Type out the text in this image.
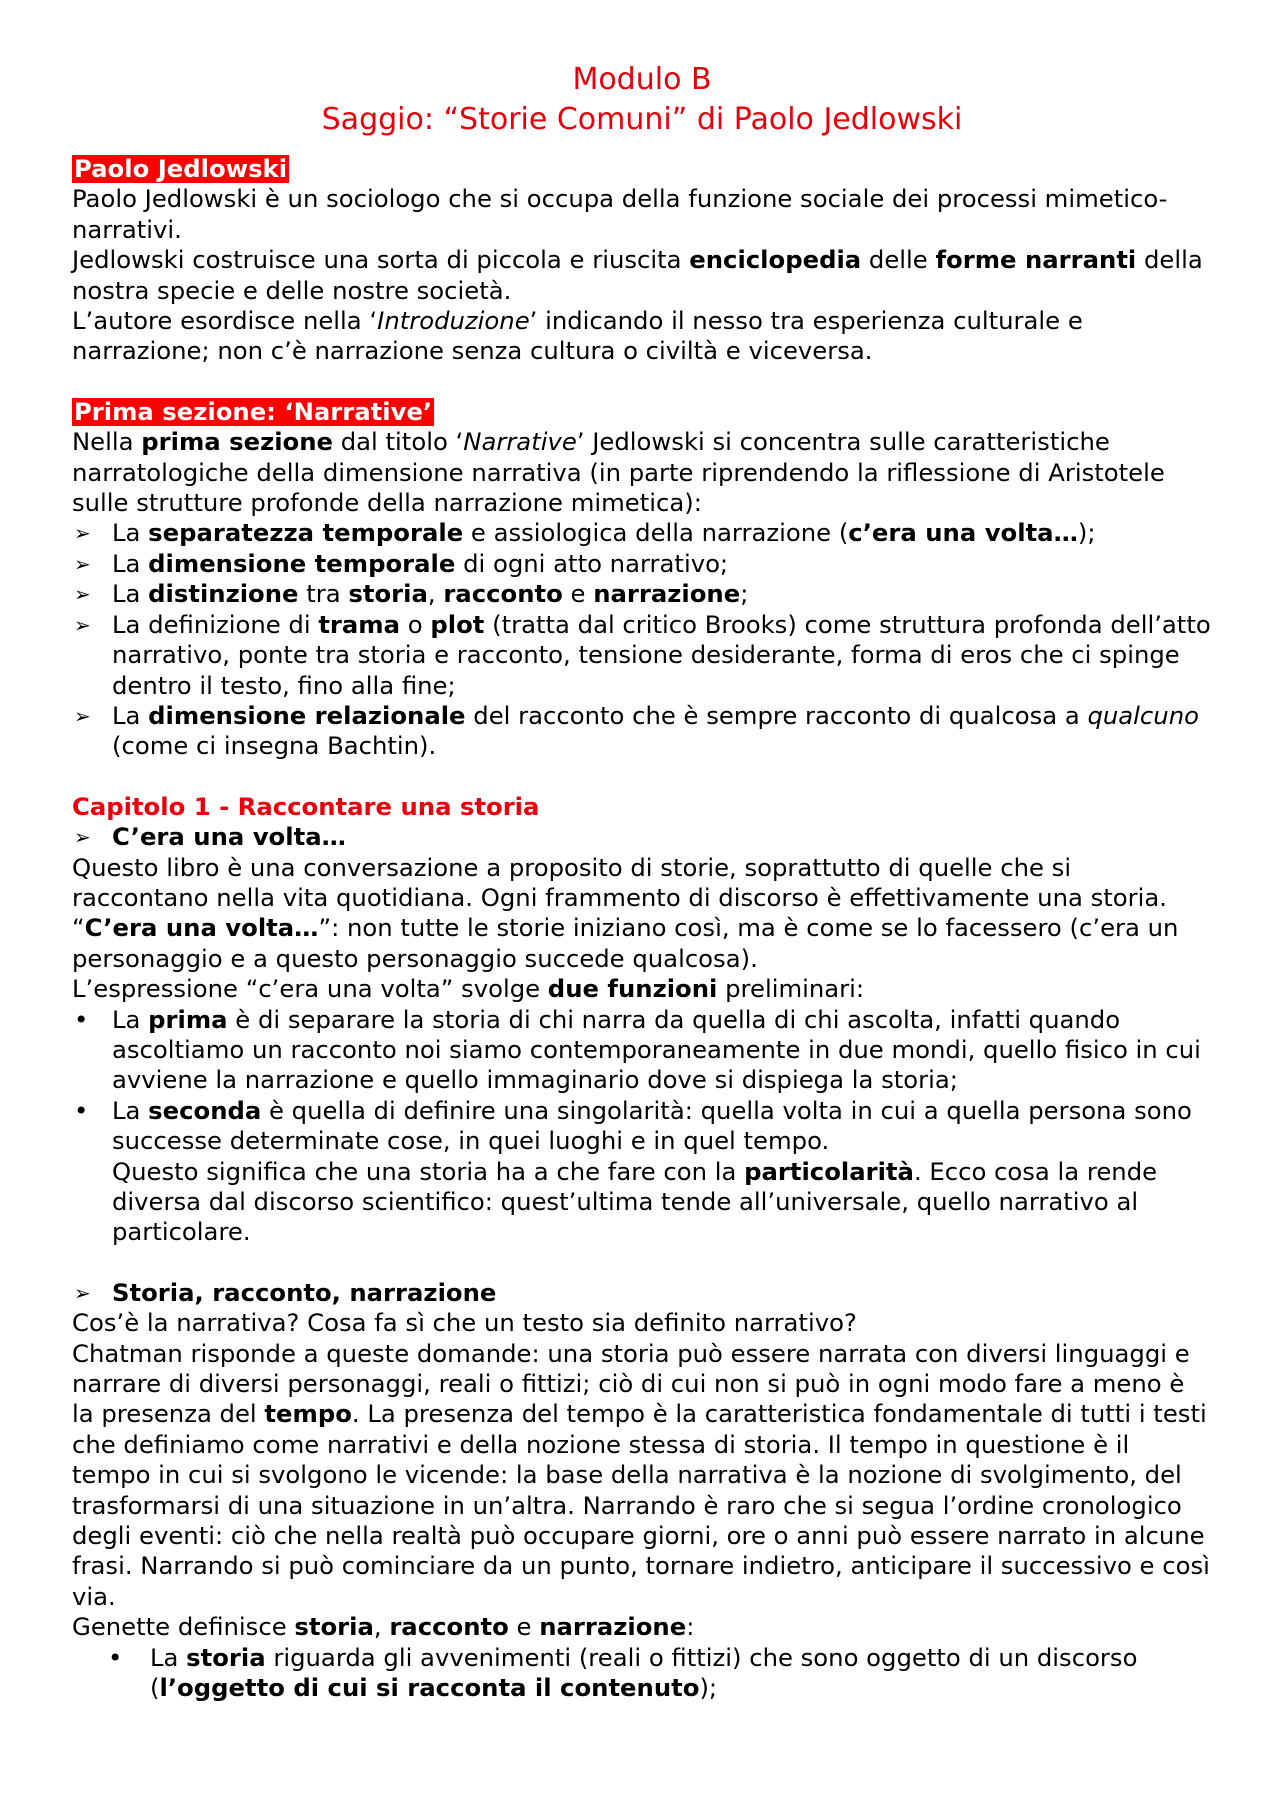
Modulo B

Saggio: “Storie Comuni” di Paolo Jedlowski

Paolo Jedlowski

Paolo Jedlowski è un sociologo che si occupa della funzione sociale dei processi mimetico-narrativi.

Jedlowski costruisce una sorta di piccola e riuscita enciclopedia delle forme narranti della nostra specie e delle nostre società.

L’autore esordisce nella ‘Introduzione’ indicando il nesso tra esperienza culturale e narrazione; non c’è narrazione senza cultura o civiltà e viceversa.

Prima sezione: ‘Narrative’

Nella prima sezione dal titolo ‘Narrative’ Jedlowski si concentra sulle caratteristiche narratologiche della dimensione narrativa (in parte riprendendo la riflessione di Aristotele sulle strutture profonde della narrazione mimetica):

➢ La separatezza temporale e assiologica della narrazione (c’era una volta…);
➢ La dimensione temporale di ogni atto narrativo;
➢ La distinzione tra storia, racconto e narrazione;
➢ La definizione di trama o plot (tratta dal critico Brooks) come struttura profonda dell’atto narrativo, ponte tra storia e racconto, tensione desiderante, forma di eros che ci spinge dentro il testo, fino alla fine;
➢ La dimensione relazionale del racconto che è sempre racconto di qualcosa a qualcuno (come ci insegna Bachtin).

Capitolo 1 - Raccontare una storia

➢ C’era una volta…

Questo libro è una conversazione a proposito di storie, soprattutto di quelle che si raccontano nella vita quotidiana. Ogni frammento di discorso è effettivamente una storia. “C’era una volta…”: non tutte le storie iniziano così, ma è come se lo facessero (c’era un personaggio e a questo personaggio succede qualcosa).

L’espressione “c’era una volta” svolge due funzioni preliminari:

• La prima è di separare la storia di chi narra da quella di chi ascolta, infatti quando ascoltiamo un racconto noi siamo contemporaneamente in due mondi, quello fisico in cui avviene la narrazione e quello immaginario dove si dispiega la storia;
• La seconda è quella di definire una singolarità: quella volta in cui a quella persona sono successe determinate cose, in quei luoghi e in quel tempo.
Questo significa che una storia ha a che fare con la particolarità. Ecco cosa la rende diversa dal discorso scientifico: quest’ultima tende all’universale, quello narrativo al particolare.
➢ Storia, racconto, narrazione

Cos’è la narrativa? Cosa fa sì che un testo sia definito narrativo?

Chatman risponde a queste domande: una storia può essere narrata con diversi linguaggi e narrare di diversi personaggi, reali o fittizi; ciò di cui non si può in ogni modo fare a meno è la presenza del tempo. La presenza del tempo è la caratteristica fondamentale di tutti i testi che definiamo come narrativi e della nozione stessa di storia. Il tempo in questione è il tempo in cui si svolgono le vicende: la base della narrativa è la nozione di svolgimento, del trasformarsi di una situazione in un’altra. Narrando è raro che si segua l’ordine cronologico degli eventi: ciò che nella realtà può occupare giorni, ore o anni può essere narrato in alcune frasi. Narrando si può cominciare da un punto, tornare indietro, anticipare il successivo e così via.

Genette definisce storia, racconto e narrazione:

• La storia riguarda gli avvenimenti (reali o fittizi) che sono oggetto di un discorso (l’oggetto di cui si racconta il contenuto);
